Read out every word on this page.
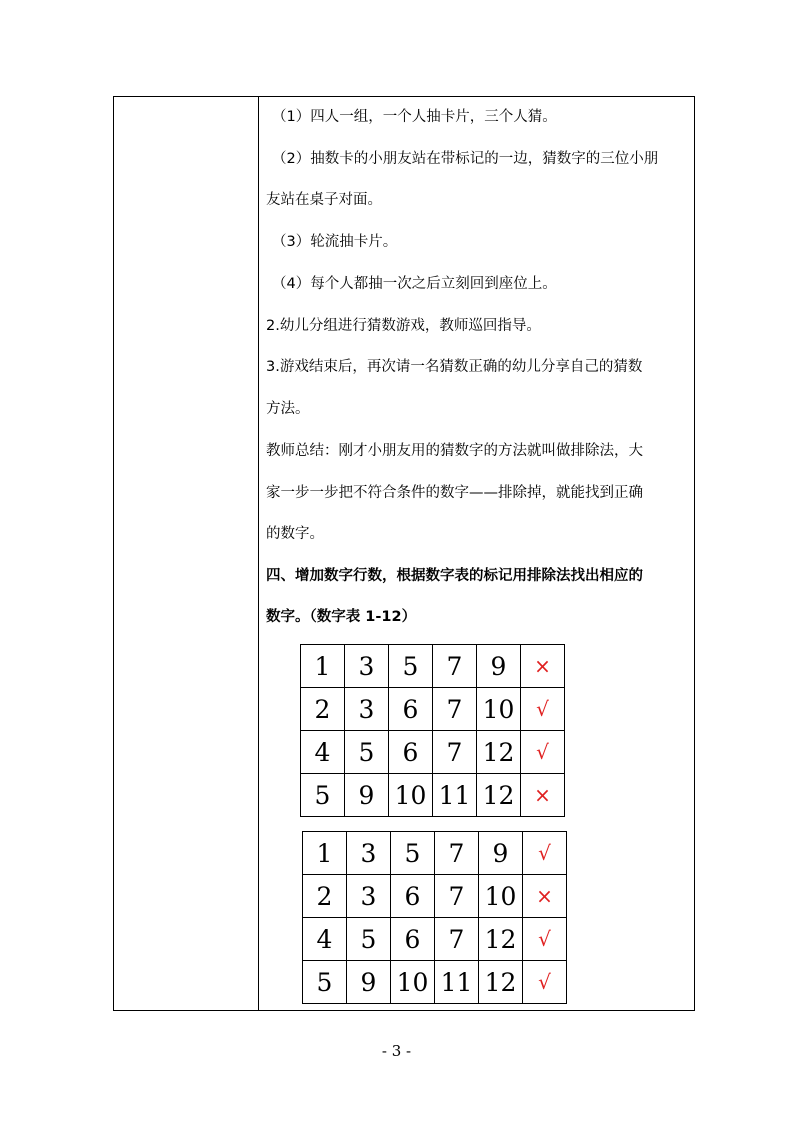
（1）四人一组，一个人抽卡片，三个人猜。
（2）抽数卡的小朋友站在带标记的一边，猜数字的三位小朋
友站在桌子对面。
（3）轮流抽卡片。
（4）每个人都抽一次之后立刻回到座位上。
2.幼儿分组进行猜数游戏，教师巡回指导。
3.游戏结束后，再次请一名猜数正确的幼儿分享自己的猜数
方法。
教师总结：刚才小朋友用的猜数字的方法就叫做排除法，大
家一步一步把不符合条件的数字——排除掉，就能找到正确
的数字。
四、增加数字行数，根据数字表的标记用排除法找出相应的
数字。（数字表 1-12）
1	3	5	7	9	×
2	3	6	7	10	√
4	5	6	7	12	√
5	9	10	11	12	×
1	3	5	7	9	√
2	3	6	7	10	×
4	5	6	7	12	√
5	9	10	11	12	√
- 3 -
